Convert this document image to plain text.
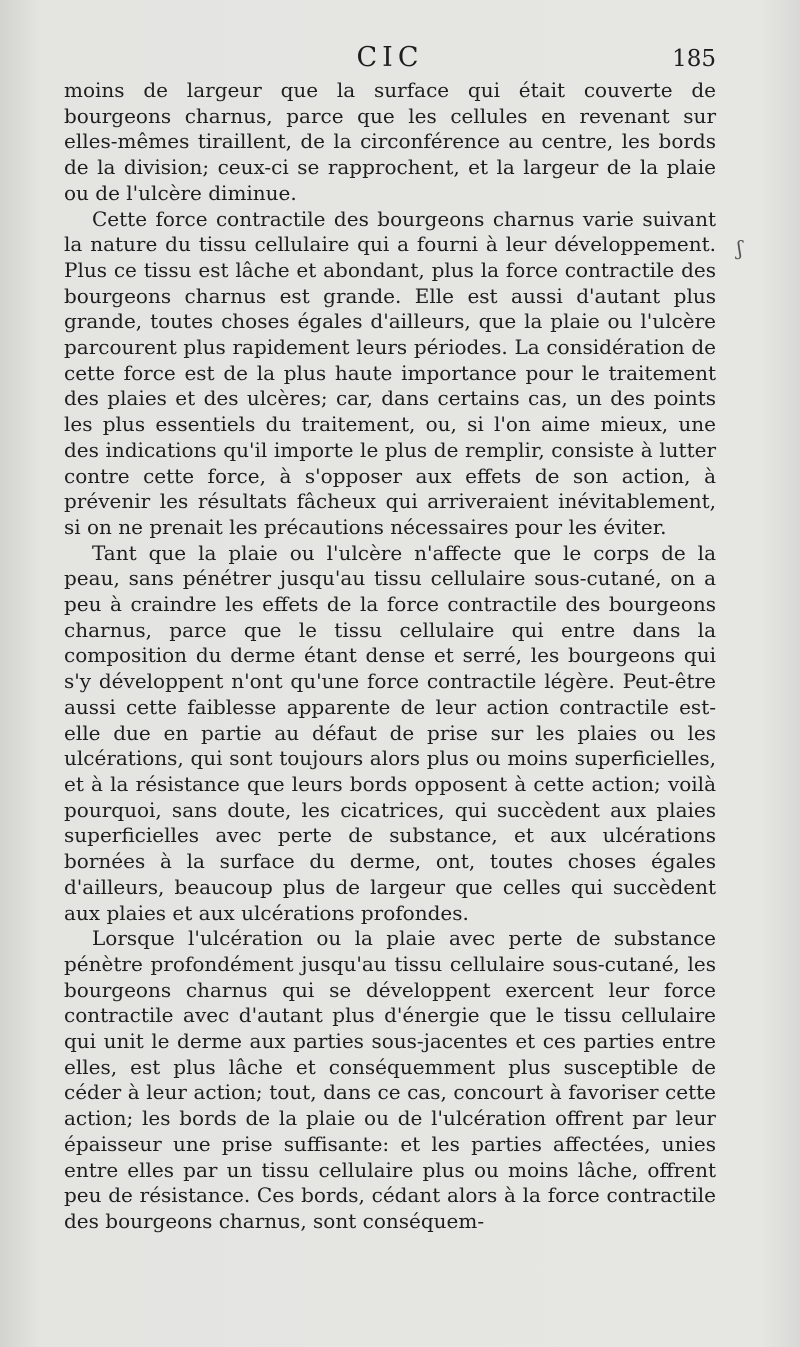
CIC	185

moins de largeur que la surface qui était couverte de bourgeons charnus, parce que les cellules en revenant sur elles-mêmes tiraillent, de la circonférence au centre, les bords de la division; ceux-ci se rapprochent, et la largeur de la plaie ou de l'ulcère diminue.

Cette force contractile des bourgeons charnus varie suivant la nature du tissu cellulaire qui a fourni à leur développement. Plus ce tissu est lâche et abondant, plus la force contractile des bourgeons charnus est grande. Elle est aussi d'autant plus grande, toutes choses égales d'ailleurs, que la plaie ou l'ulcère parcourent plus rapidement leurs périodes. La considération de cette force est de la plus haute importance pour le traitement des plaies et des ulcères; car, dans certains cas, un des points les plus essentiels du traitement, ou, si l'on aime mieux, une des indications qu'il importe le plus de remplir, consiste à lutter contre cette force, à s'opposer aux effets de son action, à prévenir les résultats fâcheux qui arriveraient inévitablement, si on ne prenait les précautions nécessaires pour les éviter.

Tant que la plaie ou l'ulcère n'affecte que le corps de la peau, sans pénétrer jusqu'au tissu cellulaire sous-cutané, on a peu à craindre les effets de la force contractile des bourgeons charnus, parce que le tissu cellulaire qui entre dans la composition du derme étant dense et serré, les bourgeons qui s'y développent n'ont qu'une force contractile légère. Peut-être aussi cette faiblesse apparente de leur action contractile est-elle due en partie au défaut de prise sur les plaies ou les ulcérations, qui sont toujours alors plus ou moins superficielles, et à la résistance que leurs bords opposent à cette action; voilà pourquoi, sans doute, les cicatrices, qui succèdent aux plaies superficielles avec perte de substance, et aux ulcérations bornées à la surface du derme, ont, toutes choses égales d'ailleurs, beaucoup plus de largeur que celles qui succèdent aux plaies et aux ulcérations profondes.

Lorsque l'ulcération ou la plaie avec perte de substance pénètre profondément jusqu'au tissu cellulaire sous-cutané, les bourgeons charnus qui se développent exercent leur force contractile avec d'autant plus d'énergie que le tissu cellulaire qui unit le derme aux parties sous-jacentes et ces parties entre elles, est plus lâche et conséquemment plus susceptible de céder à leur action; tout, dans ce cas, concourt à favoriser cette action; les bords de la plaie ou de l'ulcération offrent par leur épaisseur une prise suffisante: et les parties affectées, unies entre elles par un tissu cellulaire plus ou moins lâche, offrent peu de résistance. Ces bords, cédant alors à la force contractile des bourgeons charnus, sont conséquem-

ʃ
